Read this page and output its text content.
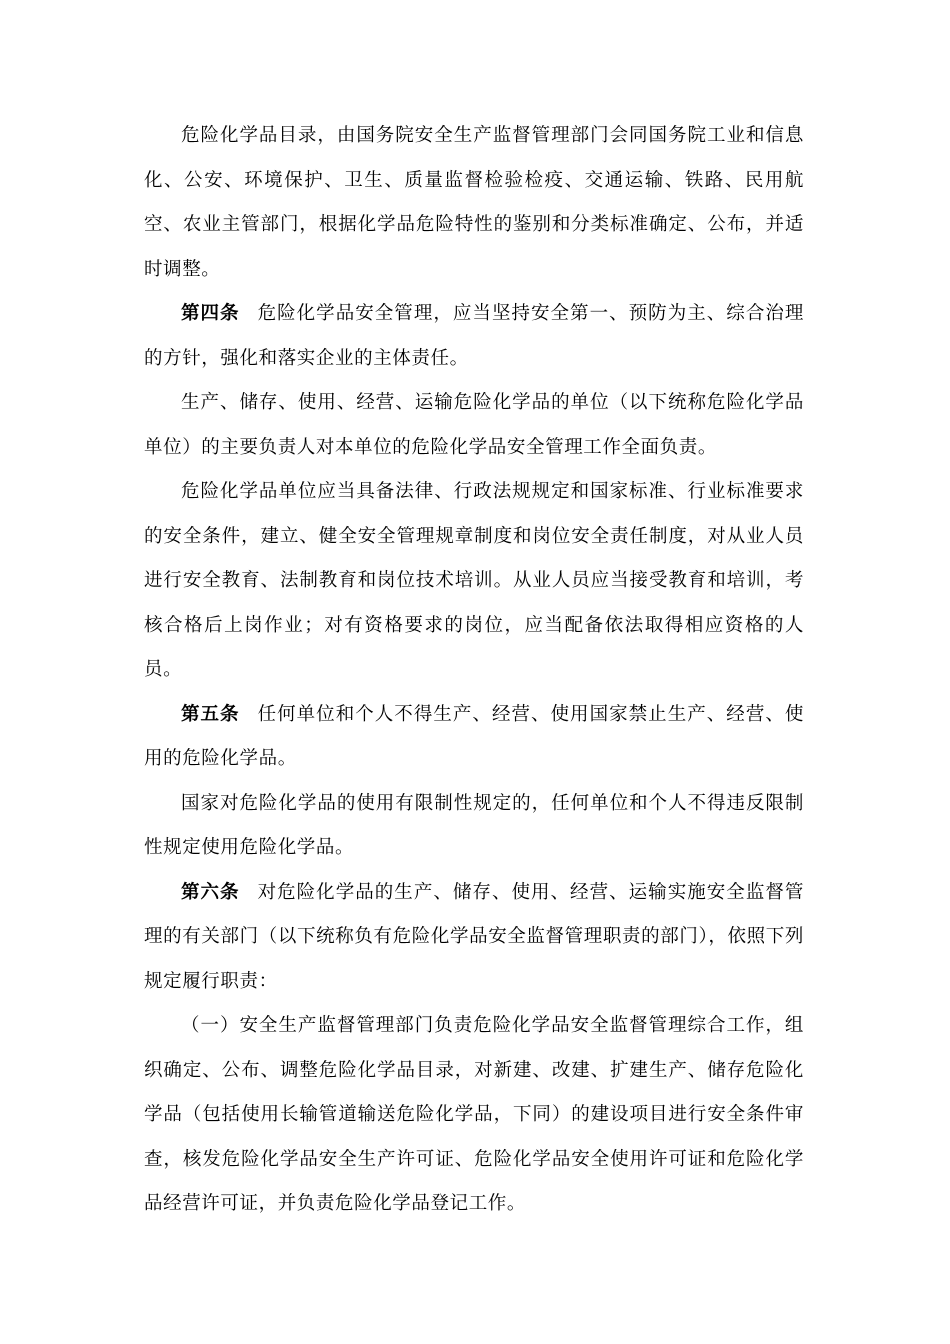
危险化学品目录，由国务院安全生产监督管理部门会同国务院工业和信息化、公安、环境保护、卫生、质量监督检验检疫、交通运输、铁路、民用航空、农业主管部门，根据化学品危险特性的鉴别和分类标准确定、公布，并适时调整。

第四条 危险化学品安全管理，应当坚持安全第一、预防为主、综合治理的方针，强化和落实企业的主体责任。

生产、储存、使用、经营、运输危险化学品的单位（以下统称危险化学品单位）的主要负责人对本单位的危险化学品安全管理工作全面负责。

危险化学品单位应当具备法律、行政法规规定和国家标准、行业标准要求的安全条件，建立、健全安全管理规章制度和岗位安全责任制度，对从业人员进行安全教育、法制教育和岗位技术培训。从业人员应当接受教育和培训，考核合格后上岗作业；对有资格要求的岗位，应当配备依法取得相应资格的人员。

第五条 任何单位和个人不得生产、经营、使用国家禁止生产、经营、使用的危险化学品。

国家对危险化学品的使用有限制性规定的，任何单位和个人不得违反限制性规定使用危险化学品。

第六条 对危险化学品的生产、储存、使用、经营、运输实施安全监督管理的有关部门（以下统称负有危险化学品安全监督管理职责的部门），依照下列规定履行职责：

（一）安全生产监督管理部门负责危险化学品安全监督管理综合工作，组织确定、公布、调整危险化学品目录，对新建、改建、扩建生产、储存危险化学品（包括使用长输管道输送危险化学品，下同）的建设项目进行安全条件审查，核发危险化学品安全生产许可证、危险化学品安全使用许可证和危险化学品经营许可证，并负责危险化学品登记工作。
